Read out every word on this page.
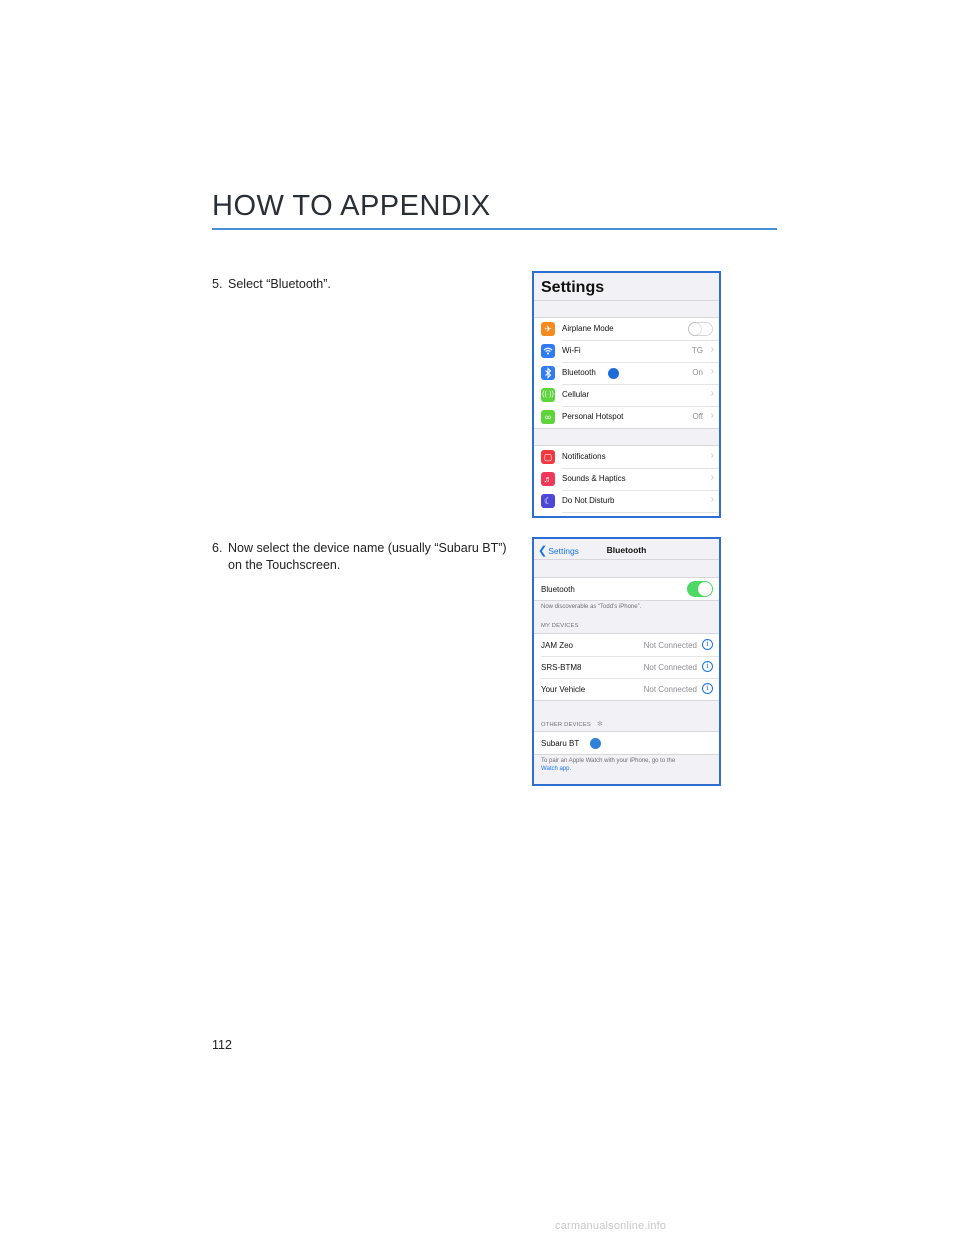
HOW TO APPENDIX
5. Select “Bluetooth”.
6. Now select the device name (usually “Subaru BT”)
on the Touchscreen.
Settings
✈	Airplane Mode
Wi-Fi	TG ›
Bluetooth	On ›
((·)) Cellular	›
∞	Personal Hotspot	Off ›
▢	Notifications	›
♬	Sounds & Haptics	›
☾	Do Not Disturb	›
❮Settings	Bluetooth
Bluetooth
Now discoverable as “Todd’s iPhone”.
MY DEVICES
JAM Zeo	Not Connected	i
SRS-BTM8	Not Connected	i
Your Vehicle	Not Connected	i
OTHER DEVICES ✼
Subaru BT
To pair an Apple Watch with your iPhone, go to the
Watch app.
112
carmanualsonline.info
